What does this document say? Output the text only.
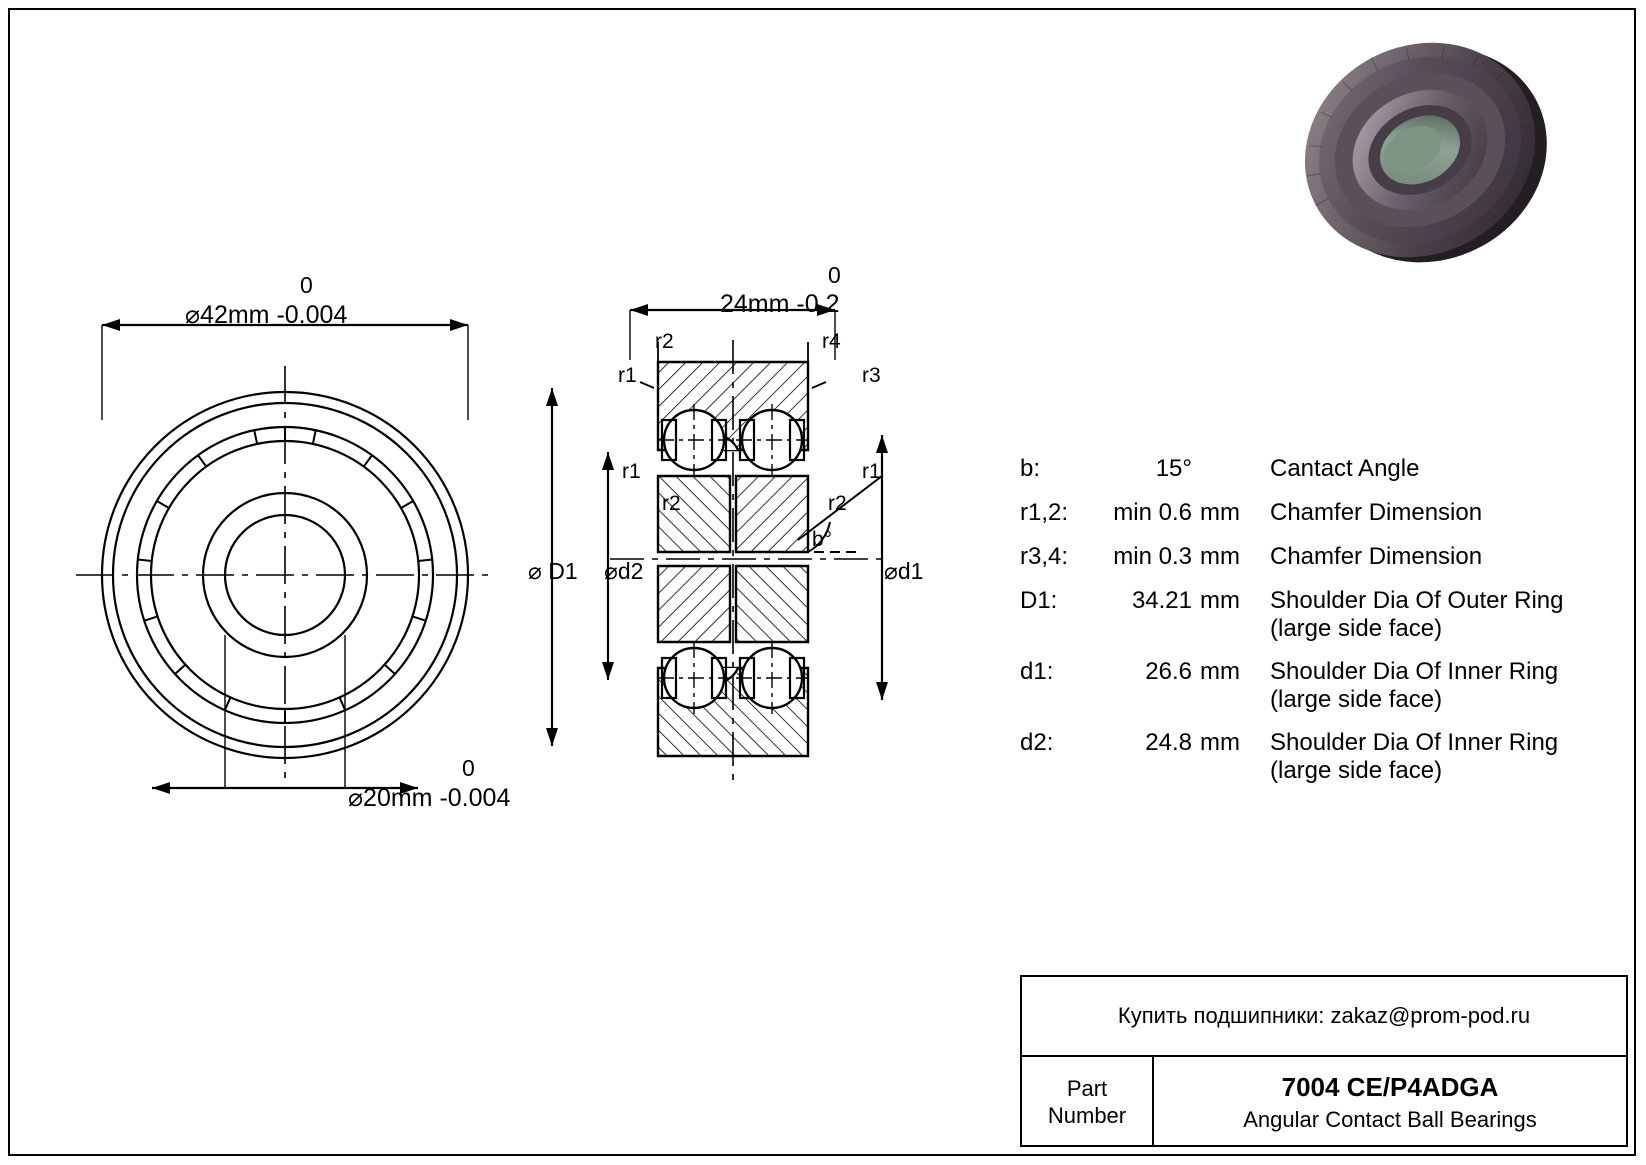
0
⌀42mm -0.004
0
⌀20mm -0.004
0
24mm -0.2
r2	r4
r1	r3
r1	r1
r2	r2
b°
⌀ D1 ⌀d2	⌀d1
b:	15°	Cantact Angle
r1,2:	min 0.6 mm	Chamfer Dimension
r3,4:	min 0.3 mm	Chamfer Dimension
D1:	34.21 mm	Shoulder Dia Of Outer Ring
(large side face)
d1:	26.6 mm	Shoulder Dia Of Inner Ring
(large side face)
d2:	24.8 mm	Shoulder Dia Of Inner Ring
(large side face)
Купить подшипники: zakaz@prom-pod.ru
Part
Number
7004 CE/P4ADGA
Angular Contact Ball Bearings
